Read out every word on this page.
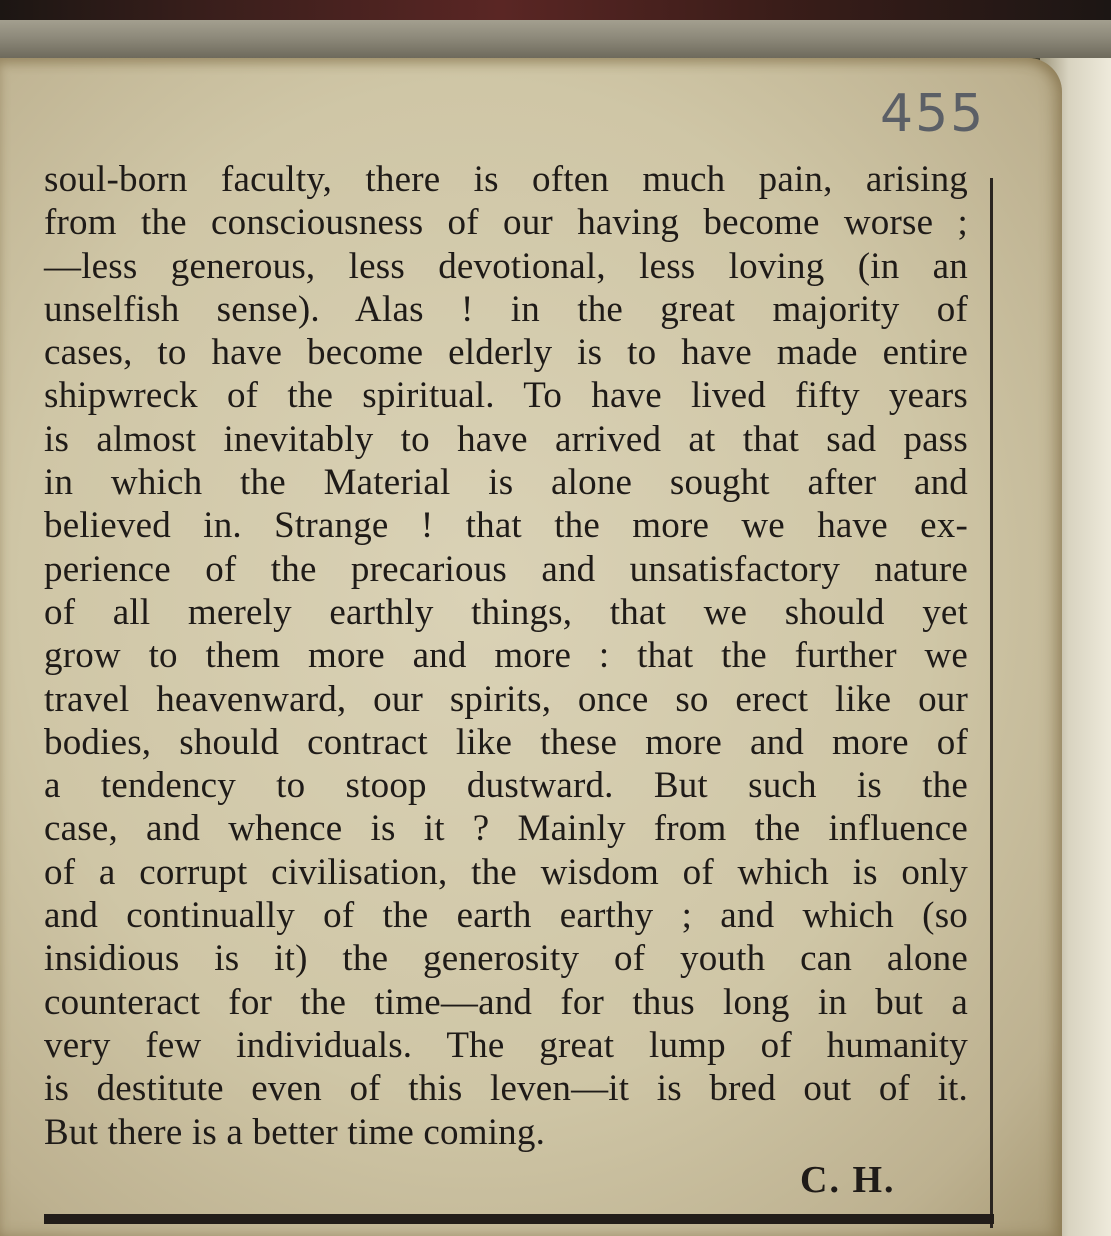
455
soul-born faculty, there is often much pain, arising
from the consciousness of our having become worse ;
—less generous, less devotional, less loving (in an
unselfish sense). Alas ! in the great majority of
cases, to have become elderly is to have made entire
shipwreck of the spiritual. To have lived fifty years
is almost inevitably to have arrived at that sad pass
in which the Material is alone sought after and
believed in. Strange ! that the more we have ex-
perience of the precarious and unsatisfactory nature
of all merely earthly things, that we should yet
grow to them more and more : that the further we
travel heavenward, our spirits, once so erect like our
bodies, should contract like these more and more of
a tendency to stoop dustward. But such is the
case, and whence is it ? Mainly from the influence
of a corrupt civilisation, the wisdom of which is only
and continually of the earth earthy ; and which (so
insidious is it) the generosity of youth can alone
counteract for the time—and for thus long in but a
very few individuals. The great lump of humanity
is destitute even of this leven—it is bred out of it.
But there is a better time coming.
C. H.
